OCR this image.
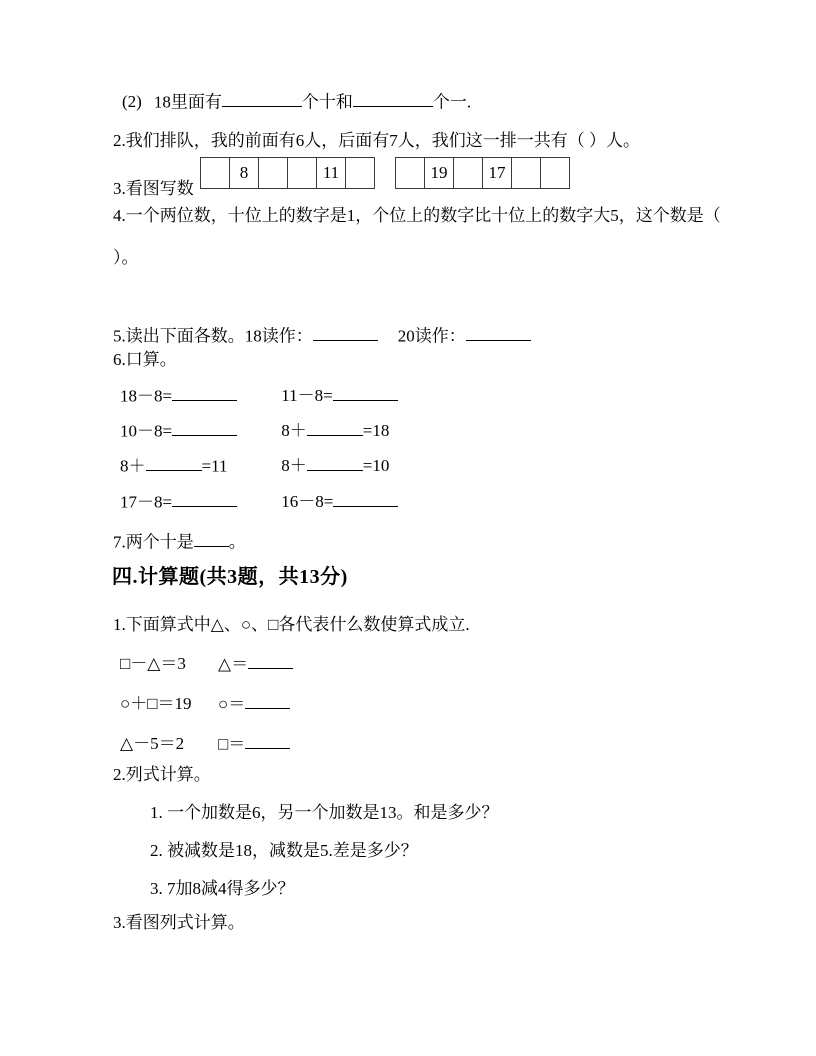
(2) 18里面有	个十和	个一.
2.我们排队，我的前面有6人，后面有7人，我们这一排一共有（ ）人。
3.看图写数
	8			11	
		19		17		
4.一个两位数，十位上的数字是1，个位上的数字比十位上的数字大5，这个数是（
）。
5.读出下面各数。18读作：	20读作：
6.口算。
18－8=	11－8=
10－8=	8＋	=18
8＋	=11	8＋	=10
17－8=	16－8=
7.两个十是 。
四.计算题(共3题，共13分)
1.下面算式中△、○、□各代表什么数使算式成立.
□－△＝3 △＝
○＋□＝19 ○＝
△－5＝2 □＝
2.列式计算。
1. 一个加数是6，另一个加数是13。和是多少？
2. 被减数是18，减数是5.差是多少？
3. 7加8减4得多少？
3.看图列式计算。
